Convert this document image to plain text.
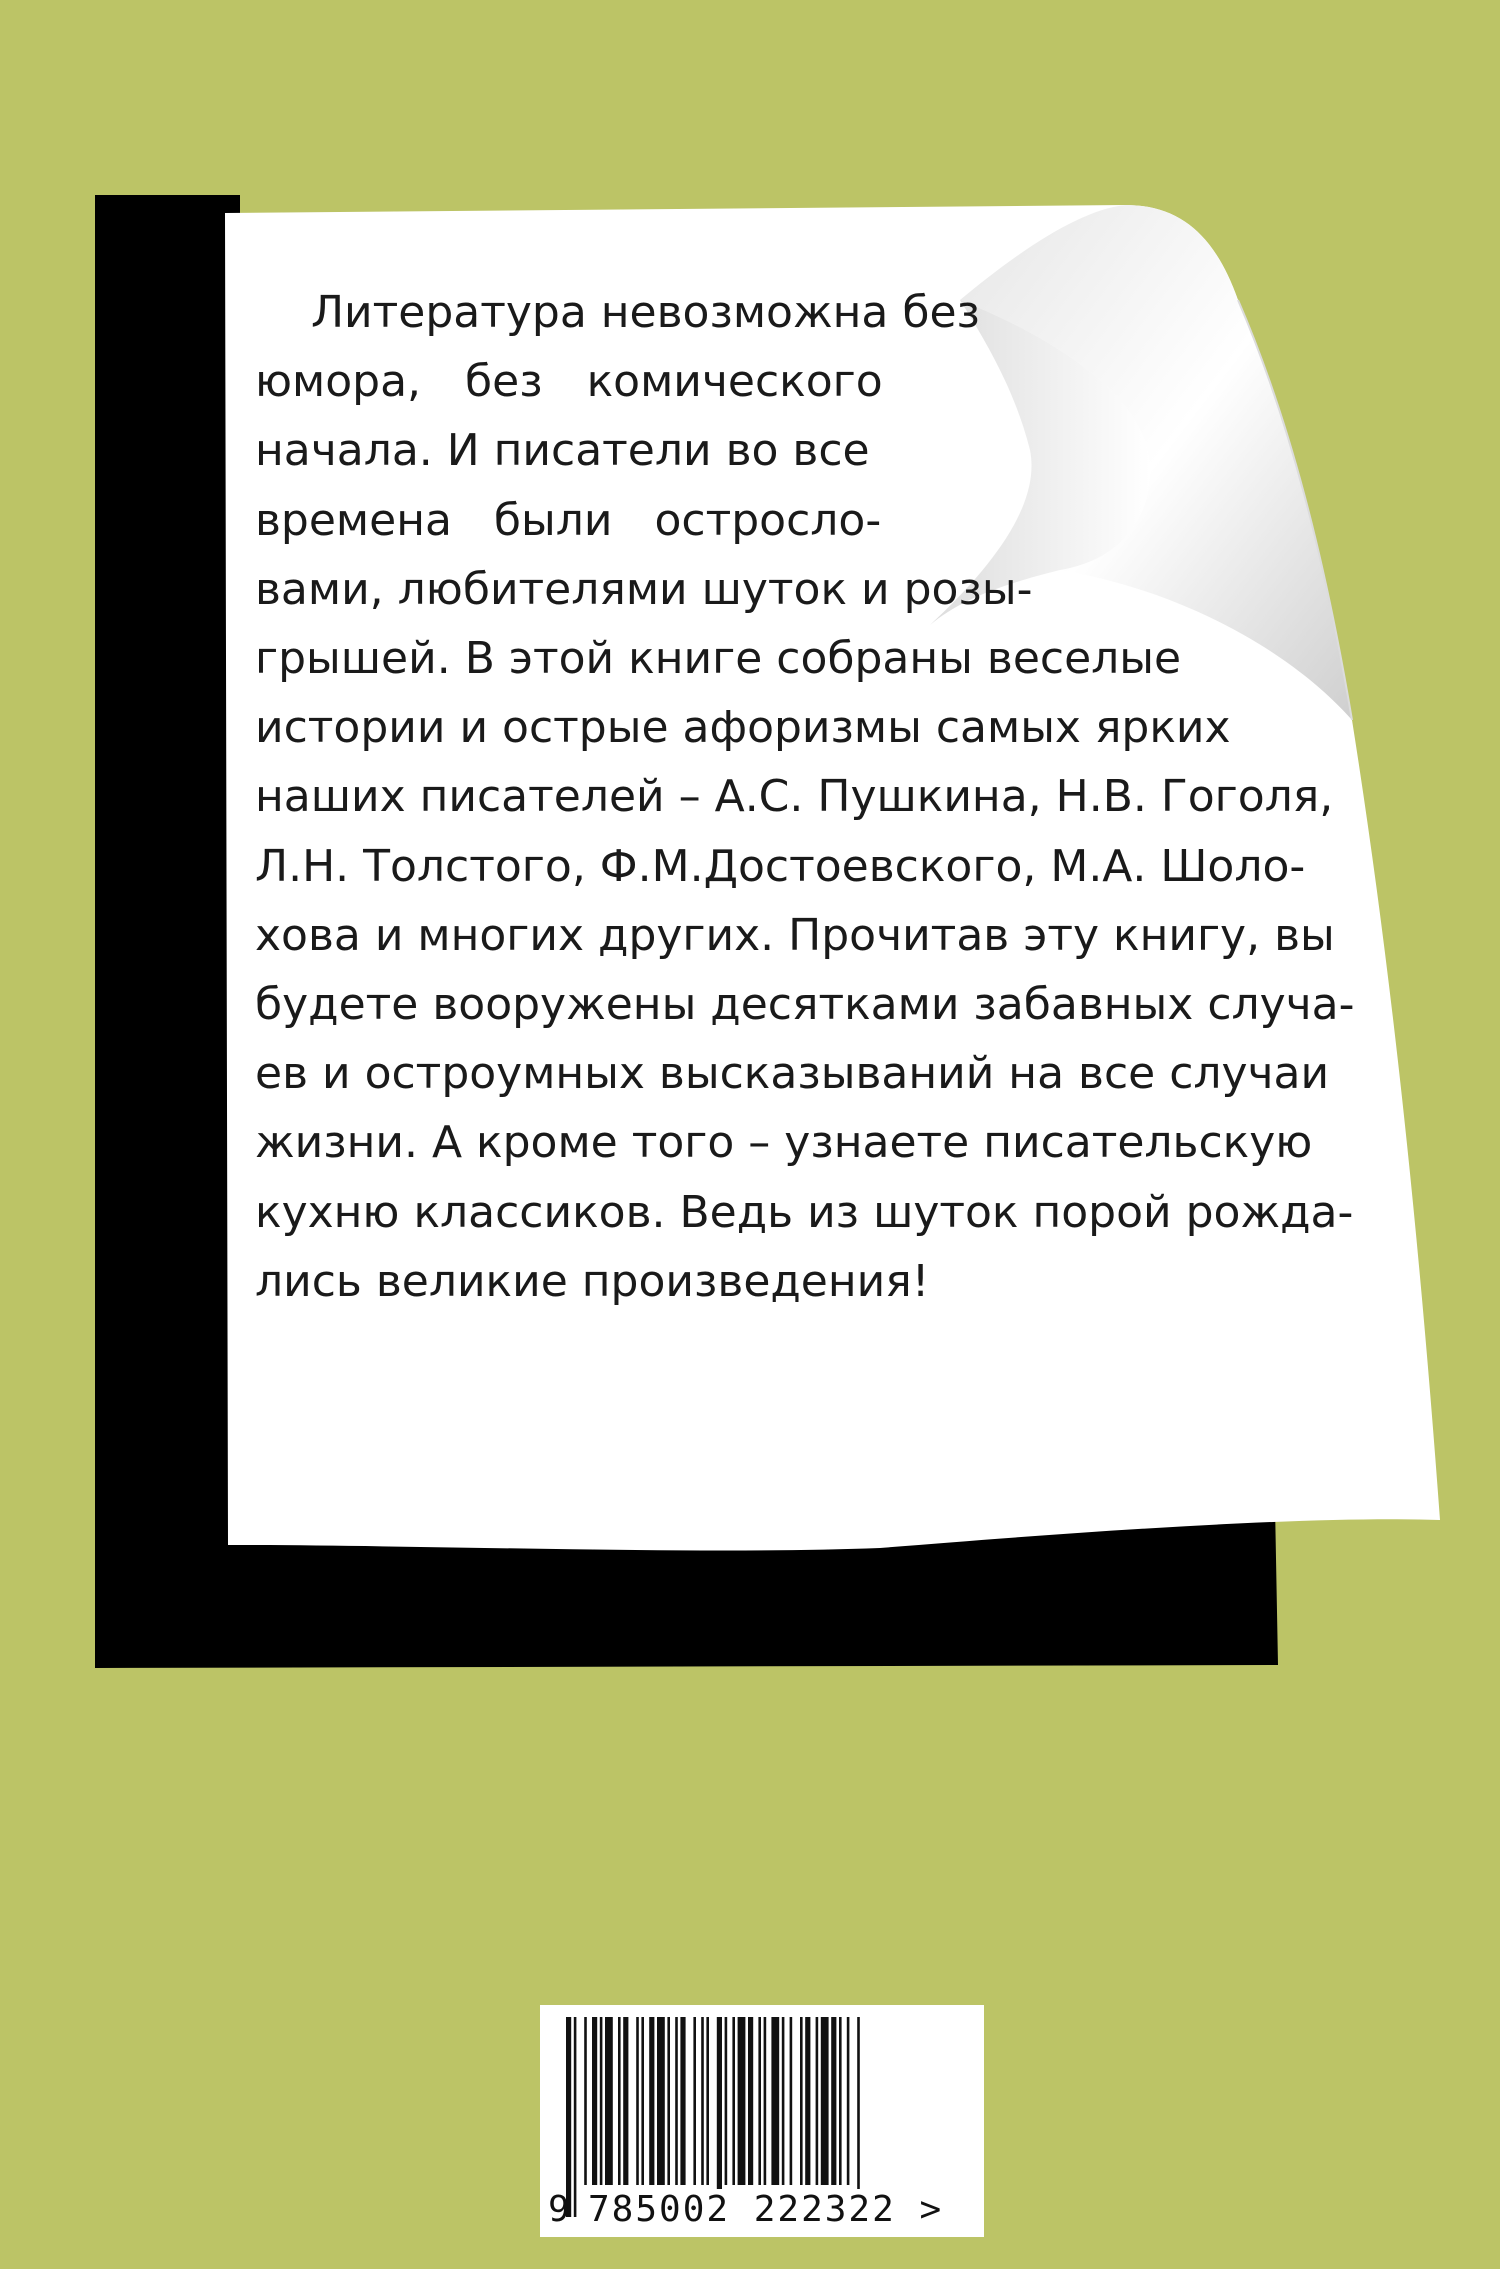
Литература невозможна без
юмора, без комического
начала. И писатели во все
времена были остросло-
вами, любителями шуток и розы-
грышей. В этой книге собраны веселые
истории и острые афоризмы самых ярких
наших писателей – А.С. Пушкина, Н.В. Гоголя,
Л.Н. Толстого, Ф.М.Достоевского, М.А. Шоло-
хова и многих других. Прочитав эту книгу, вы
будете вооружены десятками забавных случа-
ев и остроумных высказываний на все случаи
жизни. А кроме того – узнаете писательскую
кухню классиков. Ведь из шуток порой рожда-
лись великие произведения!
9 785002 222322 >
